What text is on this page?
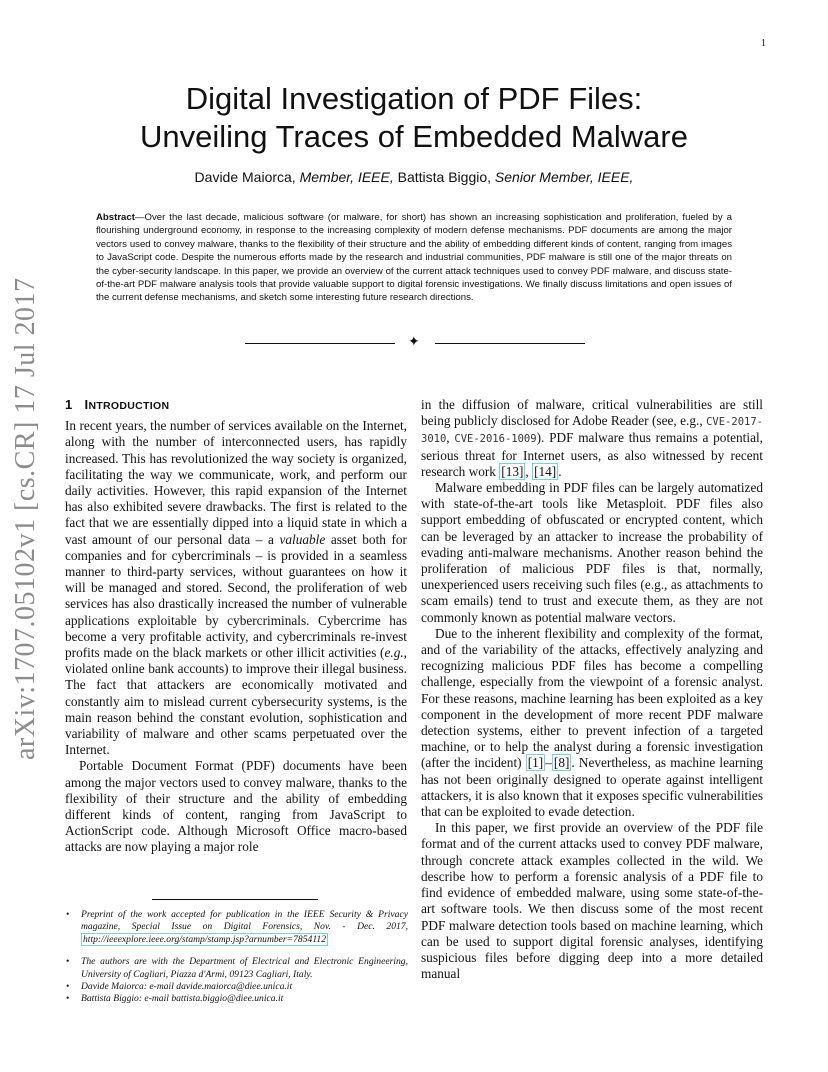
1
arXiv:1707.05102v1 [cs.CR] 17 Jul 2017
Digital Investigation of PDF Files:
Unveiling Traces of Embedded Malware
Davide Maiorca, Member, IEEE, Battista Biggio, Senior Member, IEEE,

Abstract—Over the last decade, malicious software (or malware, for short) has shown an increasing sophistication and proliferation, fueled by a flourishing underground economy, in response to the increasing complexity of modern defense mechanisms. PDF documents are among the major vectors used to convey malware, thanks to the flexibility of their structure and the ability of embedding different kinds of content, ranging from images to JavaScript code. Despite the numerous efforts made by the research and industrial communities, PDF malware is still one of the major threats on the cyber-security landscape. In this paper, we provide an overview of the current attack techniques used to convey PDF malware, and discuss state-of-the-art PDF malware analysis tools that provide valuable support to digital forensic investigations. We finally discuss limitations and open issues of the current defense mechanisms, and sketch some interesting future research directions.

✦
1 INTRODUCTION

In recent years, the number of services available on the Internet, along with the number of interconnected users, has rapidly increased. This has revolutionized the way society is organized, facilitating the way we communicate, work, and perform our daily activities. However, this rapid expansion of the Internet has also exhibited severe drawbacks. The first is related to the fact that we are essentially dipped into a liquid state in which a vast amount of our personal data – a valuable asset both for companies and for cybercriminals – is provided in a seamless manner to third-party services, without guarantees on how it will be managed and stored. Second, the proliferation of web services has also drastically increased the number of vulnerable applications exploitable by cybercriminals. Cybercrime has become a very profitable activity, and cybercriminals re-invest profits made on the black markets or other illicit activities (e.g., violated online bank accounts) to improve their illegal business. The fact that attackers are economically motivated and constantly aim to mislead current cybersecurity systems, is the main reason behind the constant evolution, sophistication and variability of malware and other scams perpetuated over the Internet.

Portable Document Format (PDF) documents have been among the major vectors used to convey malware, thanks to the flexibility of their structure and the ability of embedding different kinds of content, ranging from JavaScript to ActionScript code. Although Microsoft Office macro-based attacks are now playing a major role

• Preprint of the work accepted for publication in the IEEE Security & Privacy magazine, Special Issue on Digital Forensics, Nov. - Dec. 2017, http://ieeexplore.ieee.org/stamp/stamp.jsp?arnumber=7854112
• The authors are with the Department of Electrical and Electronic Engineering, University of Cagliari, Piazza d'Armi, 09123 Cagliari, Italy.
• Davide Maiorca: e-mail davide.maiorca@diee.unica.it
• Battista Biggio: e-mail battista.biggio@diee.unica.it

in the diffusion of malware, critical vulnerabilities are still being publicly disclosed for Adobe Reader (see, e.g., CVE-2017-3010, CVE-2016-1009). PDF malware thus remains a potential, serious threat for Internet users, as also witnessed by recent research work [13] , [14] .

Malware embedding in PDF files can be largely automatized with state-of-the-art tools like Metasploit. PDF files also support embedding of obfuscated or encrypted content, which can be leveraged by an attacker to increase the probability of evading anti-malware mechanisms. Another reason behind the proliferation of malicious PDF files is that, normally, unexperienced users receiving such files (e.g., as attachments to scam emails) tend to trust and execute them, as they are not commonly known as potential malware vectors.

Due to the inherent flexibility and complexity of the format, and of the variability of the attacks, effectively analyzing and recognizing malicious PDF files has become a compelling challenge, especially from the viewpoint of a forensic analyst. For these reasons, machine learning has been exploited as a key component in the development of more recent PDF malware detection systems, either to prevent infection of a targeted machine, or to help the analyst during a forensic investigation (after the incident) [1] – [8] . Nevertheless, as machine learning has not been originally designed to operate against intelligent attackers, it is also known that it exposes specific vulnerabilities that can be exploited to evade detection.

In this paper, we first provide an overview of the PDF file format and of the current attacks used to convey PDF malware, through concrete attack examples collected in the wild. We describe how to perform a forensic analysis of a PDF file to find evidence of embedded malware, using some state-of-the-art software tools. We then discuss some of the most recent PDF malware detection tools based on machine learning, which can be used to support digital forensic analyses, identifying suspicious files before digging deep into a more detailed manual
